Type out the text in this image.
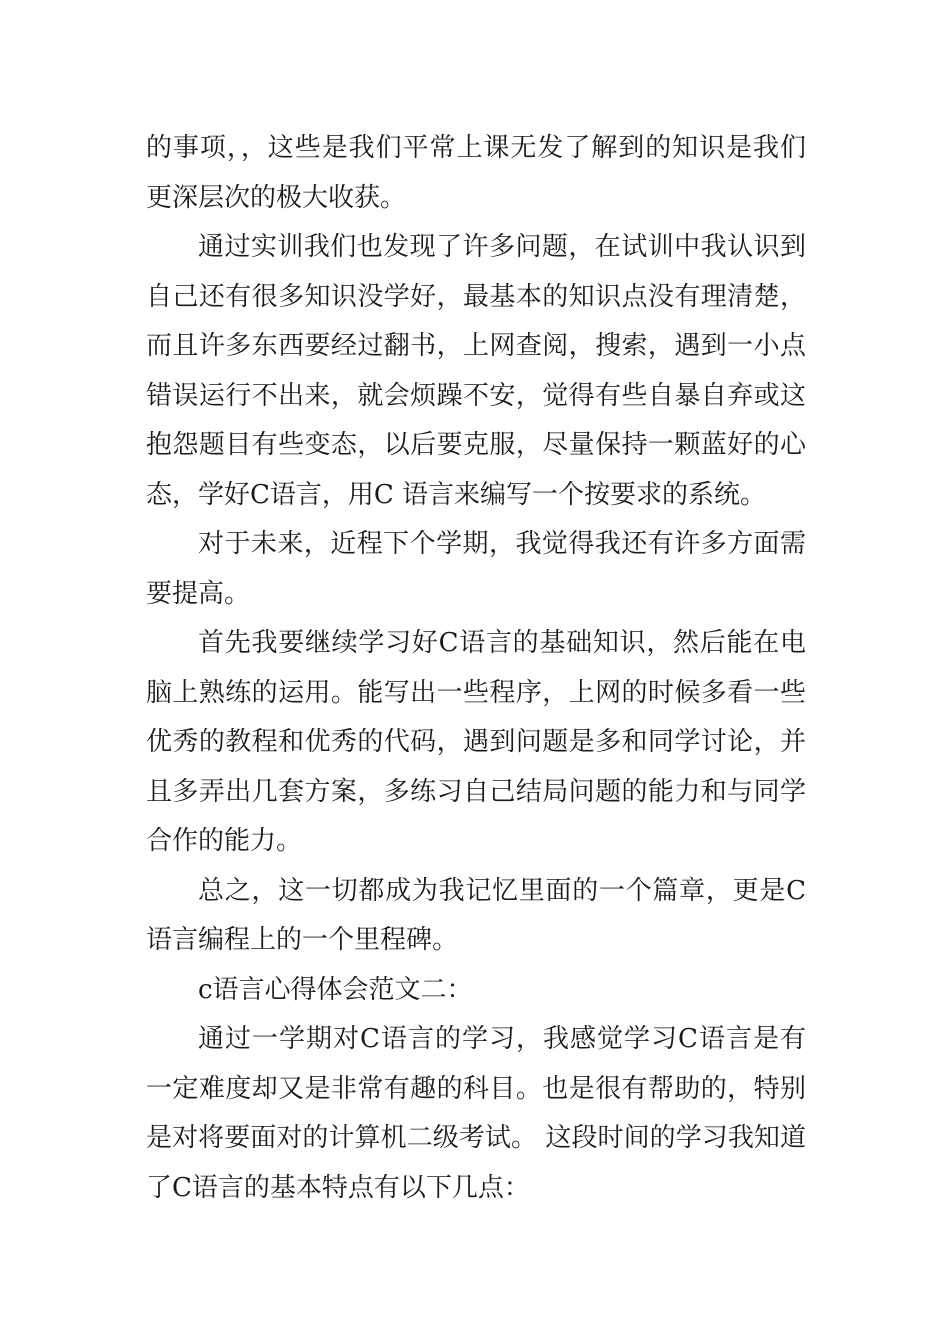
的事项，，这些是我们平常上课无发了解到的知识是我们更深层次的极大收获。

通过实训我们也发现了许多问题，在试训中我认识到自己还有很多知识没学好，最基本的知识点没有理清楚，而且许多东西要经过翻书，上网查阅，搜索，遇到一小点错误运行不出来，就会烦躁不安，觉得有些自暴自弃或这抱怨题目有些变态，以后要克服，尽量保持一颗蓝好的心态，学好C语言，用C 语言来编写一个按要求的系统。

对于未来，近程下个学期，我觉得我还有许多方面需要提高。

首先我要继续学习好C语言的基础知识，然后能在电脑上熟练的运用。能写出一些程序，上网的时候多看一些优秀的教程和优秀的代码，遇到问题是多和同学讨论，并且多弄出几套方案，多练习自己结局问题的能力和与同学合作的能力。

总之，这一切都成为我记忆里面的一个篇章，更是C语言编程上的一个里程碑。

c语言心得体会范文二：

通过一学期对C语言的学习，我感觉学习C语言是有一定难度却又是非常有趣的科目。也是很有帮助的，特别是对将要面对的计算机二级考试。 这段时间的学习我知道了C语言的基本特点有以下几点：
